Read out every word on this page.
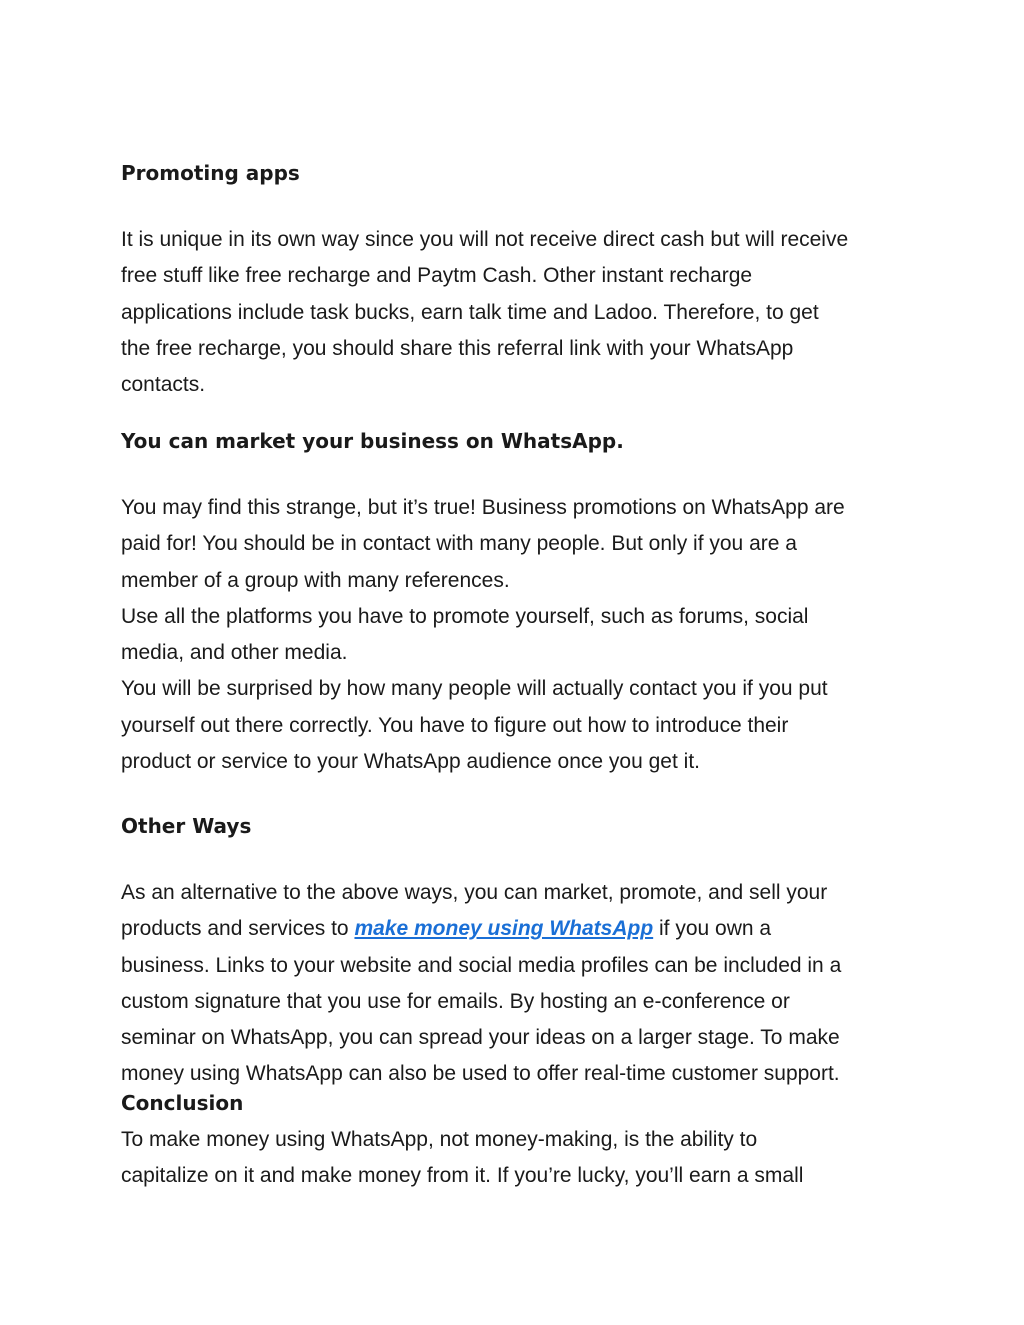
Promoting apps

It is unique in its own way since you will not receive direct cash but will receive
free stuff like free recharge and Paytm Cash. Other instant recharge
applications include task bucks, earn talk time and Ladoo. Therefore, to get
the free recharge, you should share this referral link with your WhatsApp
contacts.

You can market your business on WhatsApp.

You may find this strange, but it’s true! Business promotions on WhatsApp are
paid for! You should be in contact with many people. But only if you are a
member of a group with many references.
Use all the platforms you have to promote yourself, such as forums, social
media, and other media.
You will be surprised by how many people will actually contact you if you put
yourself out there correctly. You have to figure out how to introduce their
product or service to your WhatsApp audience once you get it.

Other Ways

As an alternative to the above ways, you can market, promote, and sell your
products and services to make money using WhatsApp if you own a
business. Links to your website and social media profiles can be included in a
custom signature that you use for emails. By hosting an e-conference or
seminar on WhatsApp, you can spread your ideas on a larger stage. To make
money using WhatsApp can also be used to offer real-time customer support.

Conclusion

To make money using WhatsApp, not money-making, is the ability to
capitalize on it and make money from it. If you’re lucky, you’ll earn a small
